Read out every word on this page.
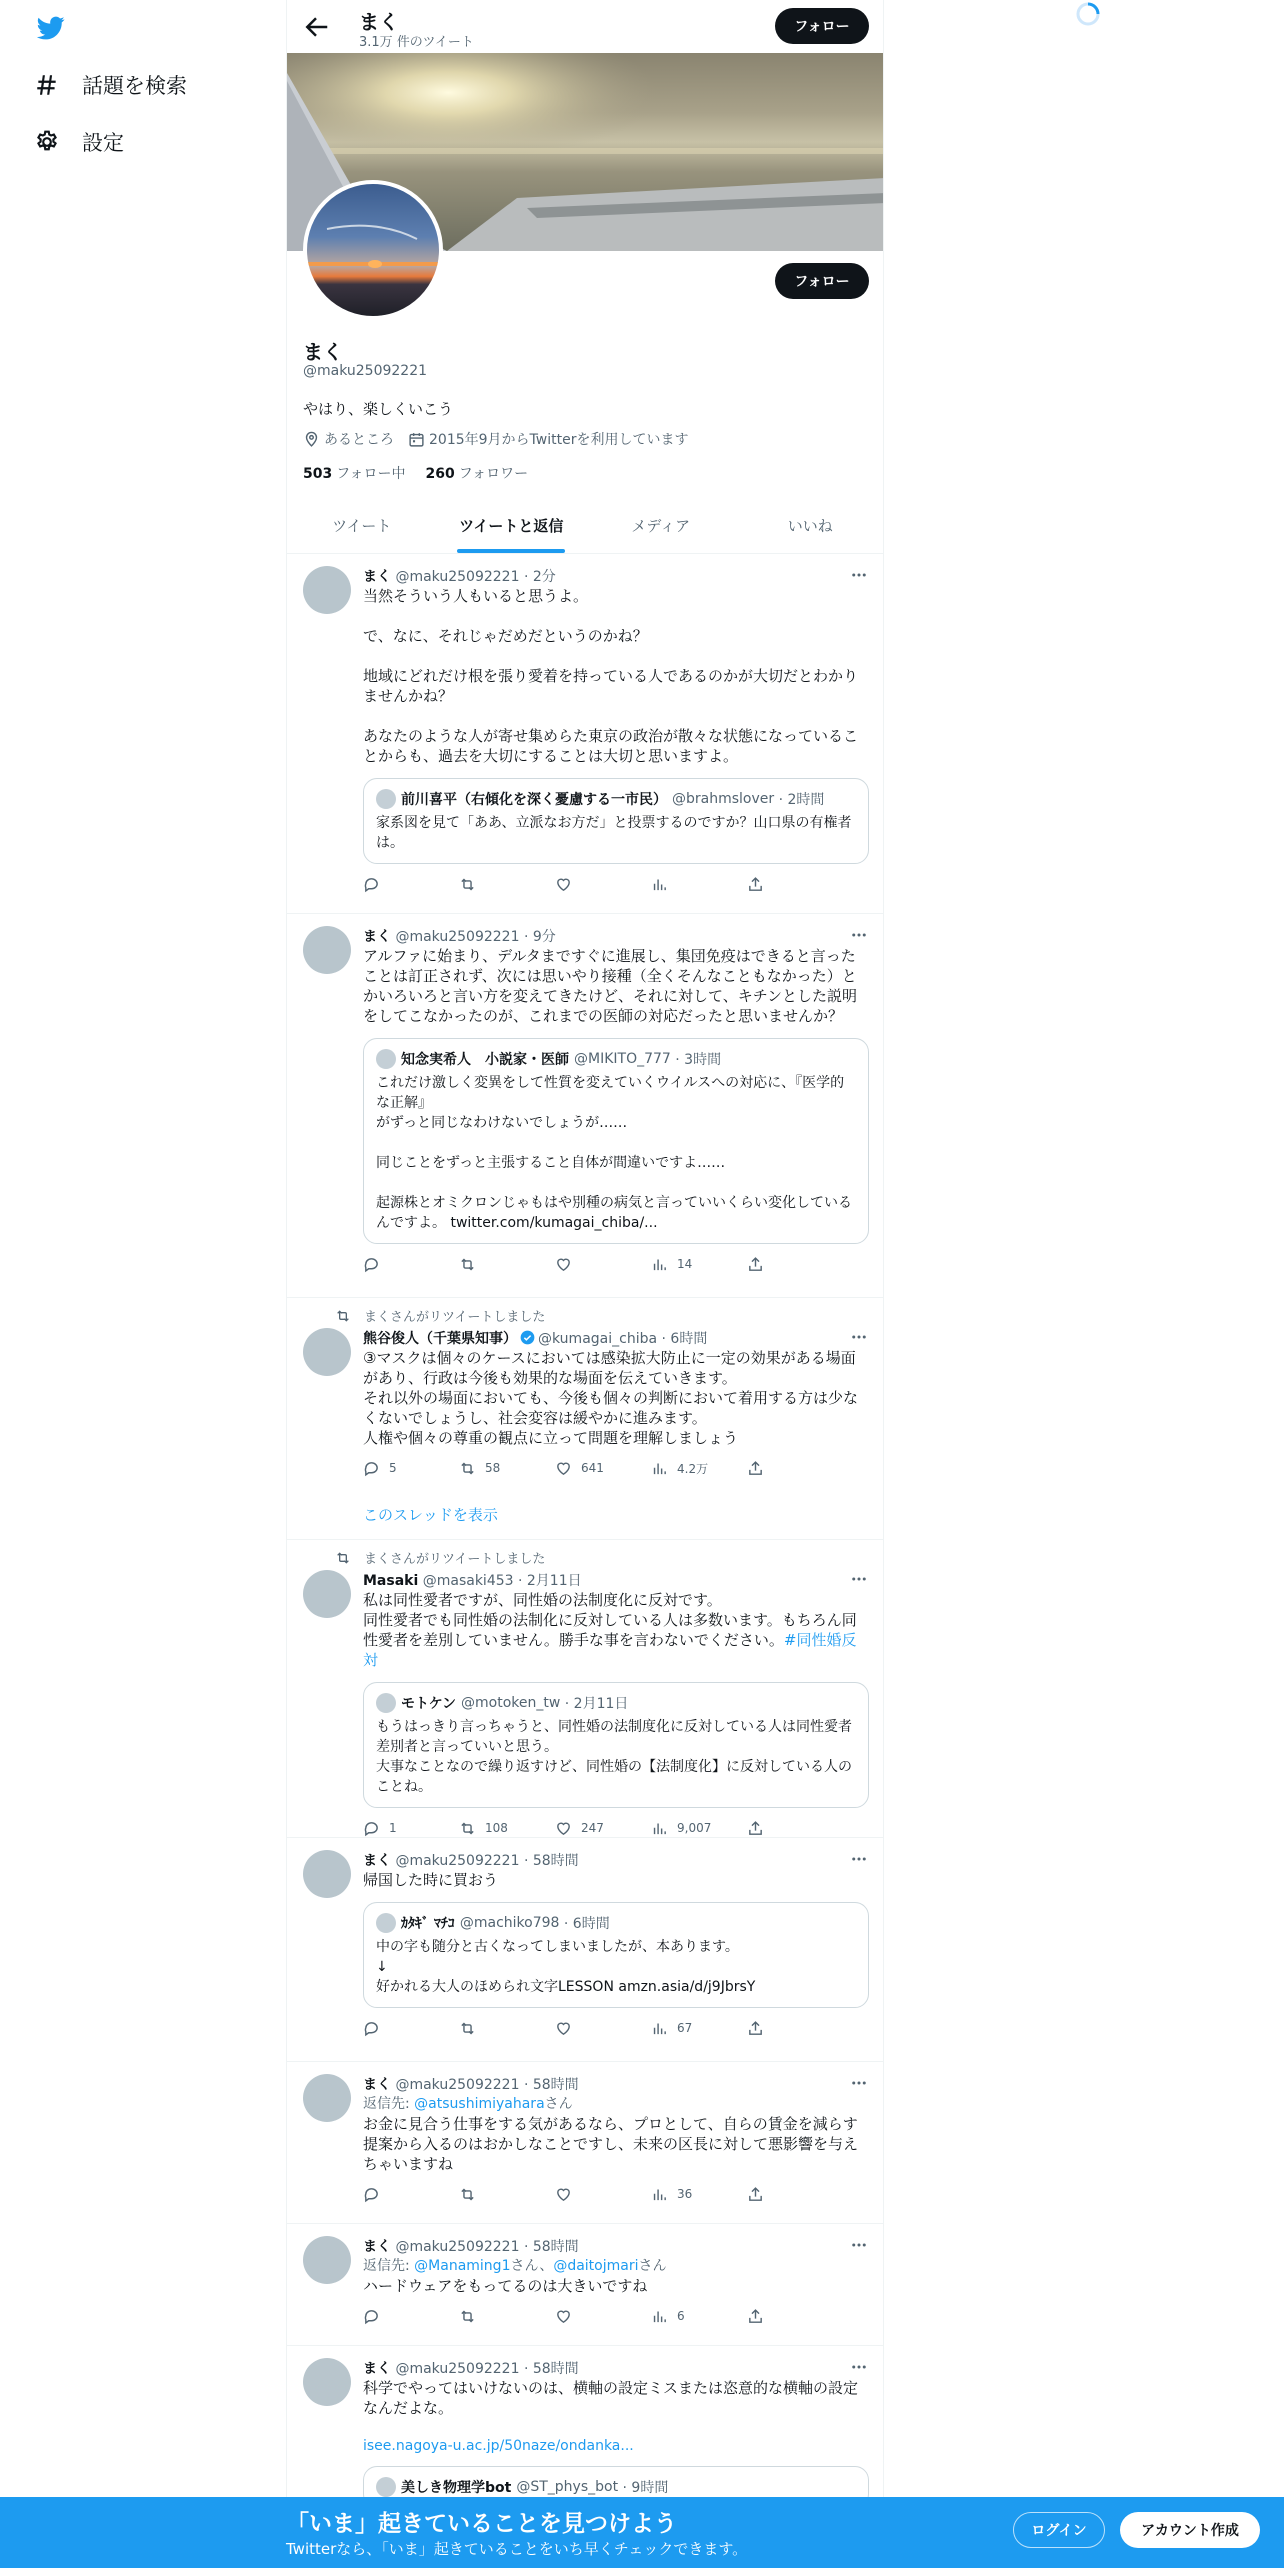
話題を検索
設定
まく
3.1万 件のツイート
フォロー
フォロー
まく
@maku25092221
やはり、楽しくいこう
あるところ	2015年9月からTwitterを利用しています
503 フォロー中 260 フォロワー
ツイート	ツイートと返信	メディア	いいね
まく @maku25092221 · 2分
当然そういう人もいると思うよ。

で、なに、それじゃだめだというのかね？

地域にどれだけ根を張り愛着を持っている人であるのかが大切だとわかりませんかね？

あなたのような人が寄せ集めらた東京の政治が散々な状態になっていることからも、過去を大切にすることは大切と思いますよ。
前川喜平（右傾化を深く憂慮する一市民） @brahmslover
· 2時間
家系図を見て「ああ、立派なお方だ」と投票するのですか？山口県の有権者は。
まく @maku25092221 · 9分
アルファに始まり、デルタまですぐに進展し、集団免疫はできると言ったことは訂正されず、次には思いやり接種（全くそんなこともなかった）とかいろいろと言い方を変えてきたけど、それに対して、キチンとした説明をしてこなかったのが、これまでの医師の対応だったと思いませんか？
知念実希人　小説家・医師 @MIKITO_777
· 3時間
これだけ激しく変異をして性質を変えていくウイルスへの対応に、『医学的な正解』
がずっと同じなわけないでしょうが……

同じことをずっと主張すること自体が間違いですよ……

起源株とオミクロンじゃもはや別種の病気と言っていいくらい変化しているんですよ。 twitter.com/kumagai_chiba/...
14
まくさんがリツイートしました
熊谷俊人（千葉県知事） @kumagai_chiba · 6時間
③マスクは個々のケースにおいては感染拡大防止に一定の効果がある場面があり、行政は今後も効果的な場面を伝えていきます。
それ以外の場面においても、今後も個々の判断において着用する方は少なくないでしょうし、社会変容は緩やかに進みます。
人権や個々の尊重の観点に立って問題を理解しましょう
5	58	641	4.2万
このスレッドを表示
まくさんがリツイートしました
Masaki @masaki453 · 2月11日
私は同性愛者ですが、同性婚の法制度化に反対です。
同性愛者でも同性婚の法制化に反対している人は多数います。もちろん同性愛者を差別していません。勝手な事を言わないでください。#同性婚反対
モトケン @motoken_tw
· 2月11日
もうはっきり言っちゃうと、同性婚の法制度化に反対している人は同性愛者差別者と言っていいと思う。
大事なことなので繰り返すけど、同性婚の【法制度化】に反対している人のことね。
1	108	247	9,007
まく @maku25092221 · 58時間
帰国した時に買おう
ｶﾀｷﾞ ﾏﾁｺ @machiko798
· 6時間
中の字も随分と古くなってしまいましたが、本あります。
↓
好かれる大人のほめられ文字LESSON amzn.asia/d/j9JbrsY
67
まく @maku25092221 · 58時間
返信先: @atsushimiyaharaさん
お金に見合う仕事をする気があるなら、プロとして、自らの賃金を減らす提案から入るのはおかしなことですし、未来の区長に対して悪影響を与えちゃいますね
36
まく @maku25092221 · 58時間
返信先: @Manaming1さん、@daitojmariさん
ハードウェアをもってるのは大きいですね
6
まく @maku25092221 · 58時間
科学でやってはいけないのは、横軸の設定ミスまたは恣意的な横軸の設定なんだよな。
isee.nagoya-u.ac.jp/50naze/ondanka...
美しき物理学bot @ST_phys_bot
· 9時間
「いま」起きていることを見つけよう
Twitterなら、「いま」起きていることをいち早くチェックできます。
ログイン	アカウント作成
